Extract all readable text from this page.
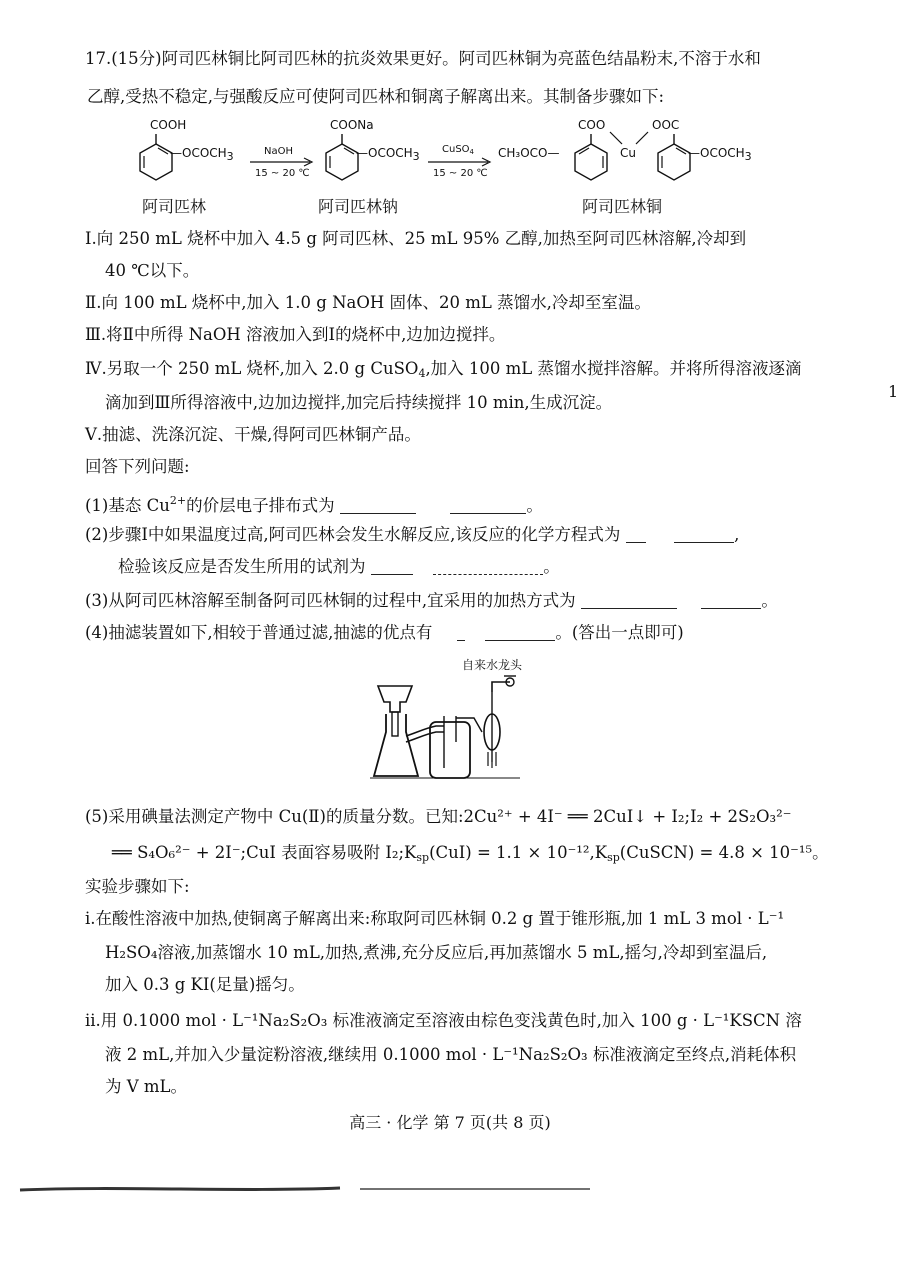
17.(15分)阿司匹林铜比阿司匹林的抗炎效果更好。阿司匹林铜为亮蓝色结晶粉末,不溶于水和
乙醇,受热不稳定,与强酸反应可使阿司匹林和铜离子解离出来。其制备步骤如下:
COOH
—OCOCH3	NaOH
15 ~ 20 ℃
COONa
—OCOCH3
CuSO$_4$
15 ~ 20 ℃
CH₃OCO—
COO
Cu
OOC
—OCOCH3
阿司匹林	阿司匹林钠	阿司匹林铜
Ⅰ.向 250 mL 烧杯中加入 4.5 g 阿司匹林、25 mL 95% 乙醇,加热至阿司匹林溶解,冷却到
40 ℃以下。
Ⅱ.向 100 mL 烧杯中,加入 1.0 g NaOH 固体、20 mL 蒸馏水,冷却至室温。
Ⅲ.将Ⅱ中所得 NaOH 溶液加入到Ⅰ的烧杯中,边加边搅拌。
Ⅳ.另取一个 250 mL 烧杯,加入 2.0 g CuSO$_4$,加入 100 mL 蒸馏水搅拌溶解。并将所得溶液逐滴
滴加到Ⅲ所得溶液中,边加边搅拌,加完后持续搅拌 10 min,生成沉淀。
Ⅴ.抽滤、洗涤沉淀、干燥,得阿司匹林铜产品。
1
回答下列问题:
(1)基态 $Cu^{2+}$的价层电子排布式为	。
(2)步骤Ⅰ中如果温度过高,阿司匹林会发生水解反应,该反应的化学方程式为	,
检验该反应是否发生所用的试剂为	。
(3)从阿司匹林溶解至制备阿司匹林铜的过程中,宜采用的加热方式为	。
(4)抽滤装置如下,相较于普通过滤,抽滤的优点有	。(答出一点即可)
自来水龙头
(5)采用碘量法测定产物中 Cu(Ⅱ)的质量分数。已知:2Cu²⁺ + 4I⁻ ══ 2CuI↓ + I₂;I₂ + 2S₂O₃²⁻
══ S₄O₆²⁻ + 2I⁻;CuI 表面容易吸附 $I_2;K_{sp}(CuI) = 1.1$ × $10^{-12},K_{sp}(CuSCN) = 4.8 \times 10^{-15}$。
实验步骤如下:
i.在酸性溶液中加热,使铜离子解离出来:称取阿司匹林铜 0.2 g 置于锥形瓶,加 1 mL 3 mol · L⁻¹
H₂SO₄溶液,加蒸馏水 10 mL,加热,煮沸,充分反应后,再加蒸馏水 5 mL,摇匀,冷却到室温后,
加入 0.3 g KI(足量)摇匀。
ii.用 0.1000 mol · L⁻¹Na₂S₂O₃ 标准液滴定至溶液由棕色变浅黄色时,加入 100 g · L⁻¹KSCN 溶
液 2 mL,并加入少量淀粉溶液,继续用 0.1000 mol · L⁻¹Na₂S₂O₃ 标准液滴定至终点,消耗体积
为 V mL。
高三 · 化学 第 7 页(共 8 页)
